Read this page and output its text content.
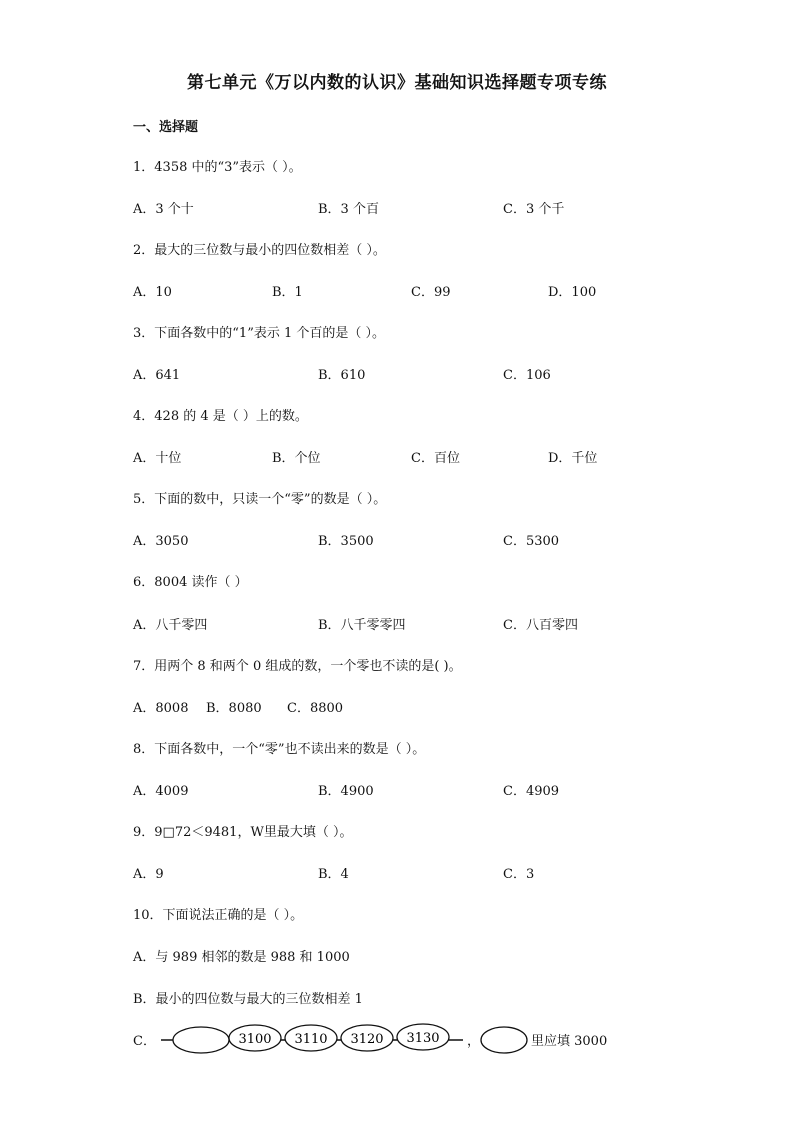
第七单元《万以内数的认识》基础知识选择题专项专练
一、选择题
1．4358 中的“3”表示（ ）。
A．3 个十	B．3 个百	C．3 个千
2．最大的三位数与最小的四位数相差（ ）。
A．10	B．1	C．99	D．100
3．下面各数中的“1”表示 1 个百的是（ ）。
A．641	B．610	C．106
4．428 的 4 是（ ）上的数。
A．十位	B．个位	C．百位	D．千位
5．下面的数中，只读一个“零”的数是（ ）。
A．3050	B．3500	C．5300
6．8004 读作（ ）
A．八千零四	B．八千零零四	C．八百零四
7．用两个 8 和两个 0 组成的数，一个零也不读的是( )。
A．8008 B．8080 C．8800
8．下面各数中，一个“零”也不读出来的数是（ ）。
A．4009	B．4900	C．4909
9．9□72＜9481，W里最大填（ ）。
A．9	B．4	C．3
10．下面说法正确的是（ ）。
A．与 989 相邻的数是 988 和 1000
B．最小的四位数与最大的三位数相差 1
C．	3100 3110 3120 3130 ，	里应填 3000
